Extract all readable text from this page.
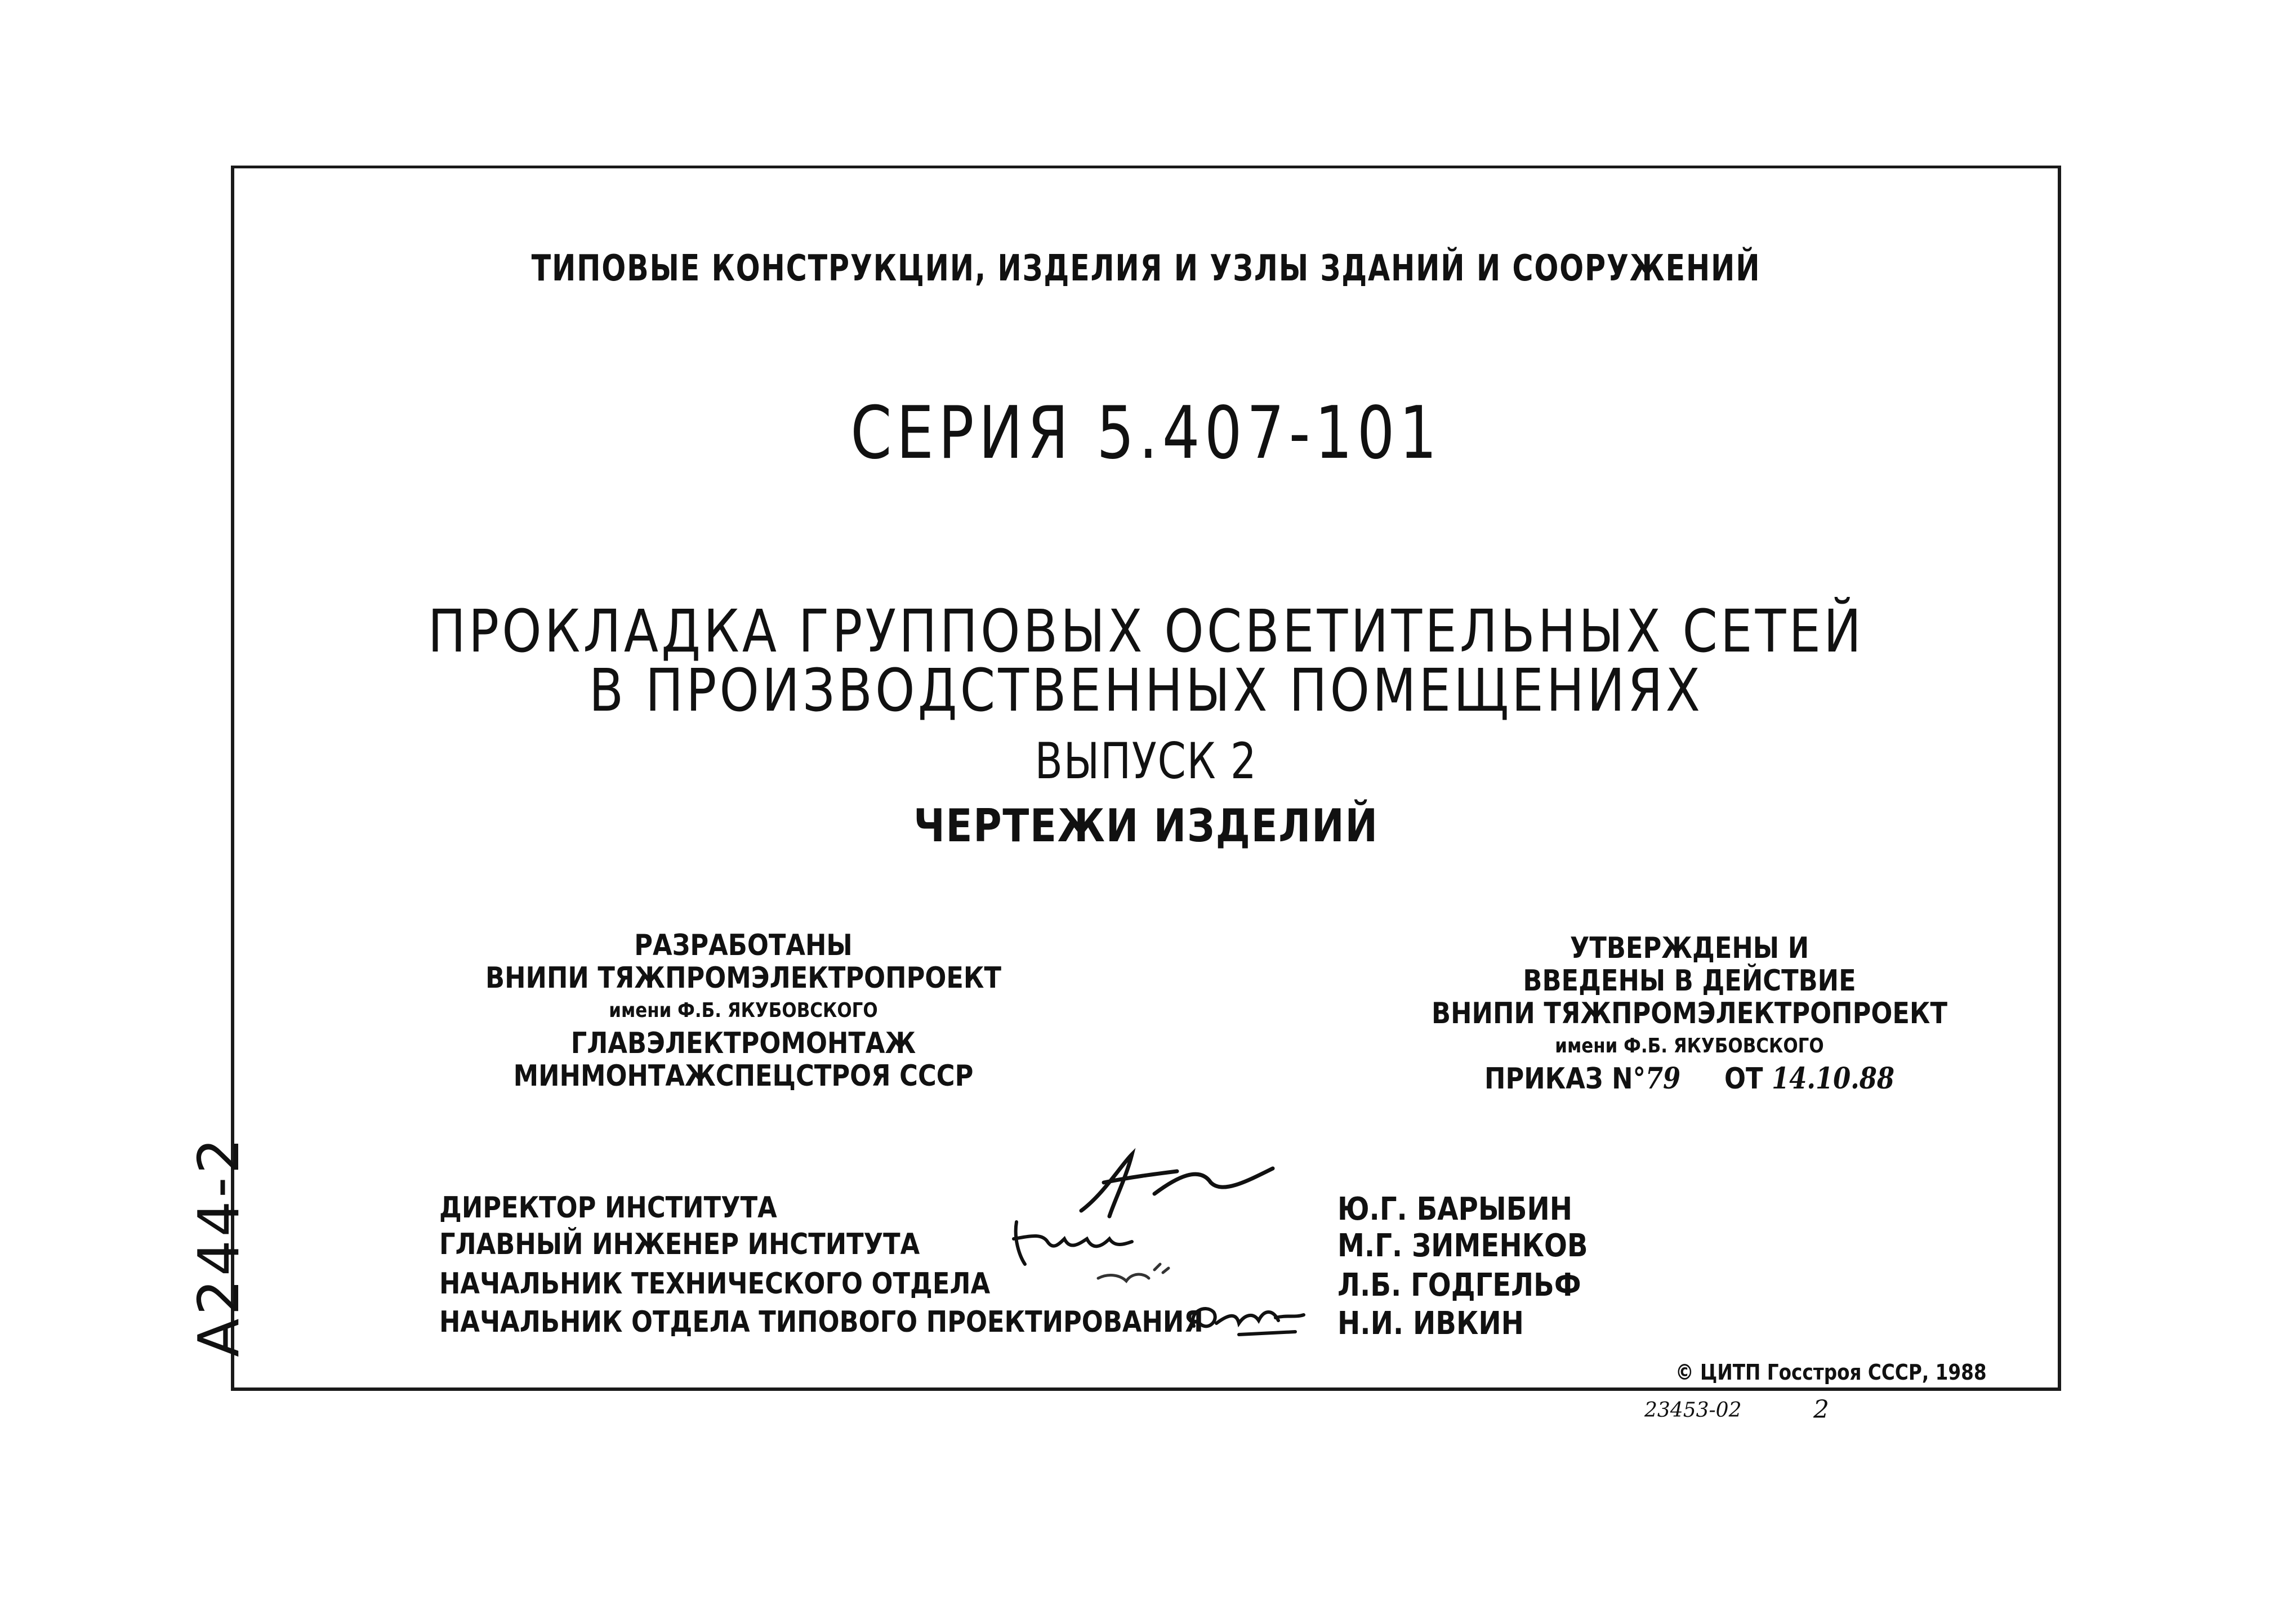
ТИПОВЫЕ КОНСТРУКЦИИ, ИЗДЕЛИЯ И УЗЛЫ ЗДАНИЙ И СООРУЖЕНИЙ
СЕРИЯ 5.407-101
ПРОКЛАДКА ГРУППОВЫХ ОСВЕТИТЕЛЬНЫХ СЕТЕЙ
В ПРОИЗВОДСТВЕННЫХ ПОМЕЩЕНИЯХ
ВЫПУСК 2
ЧЕРТЕЖИ ИЗДЕЛИЙ
РАЗРАБОТАНЫ
ВНИПИ ТЯЖПРОМЭЛЕКТРОПРОЕКТ
имени Ф.Б. ЯКУБОВСКОГО
ГЛАВЭЛЕКТРОМОНТАЖ
МИНМОНТАЖСПЕЦСТРОЯ СССР
УТВЕРЖДЕНЫ И
ВВЕДЕНЫ В ДЕЙСТВИЕ
ВНИПИ ТЯЖПРОМЭЛЕКТРОПРОЕКТ
имени Ф.Б. ЯКУБОВСКОГО
ПРИКАЗ N°79 ОТ 14.10.88
ДИРЕКТОР ИНСТИТУТА
ГЛАВНЫЙ ИНЖЕНЕР ИНСТИТУТА
НАЧАЛЬНИК ТЕХНИЧЕСКОГО ОТДЕЛА
НАЧАЛЬНИК ОТДЕЛА ТИПОВОГО ПРОЕКТИРОВАНИЯ
Ю.Г. БАРЫБИН
М.Г. ЗИМЕНКОВ
Л.Б. ГОДГЕЛЬФ
Н.И. ИВКИН
А244-2
© ЦИТП Госстроя СССР, 1988
23453-02	2
